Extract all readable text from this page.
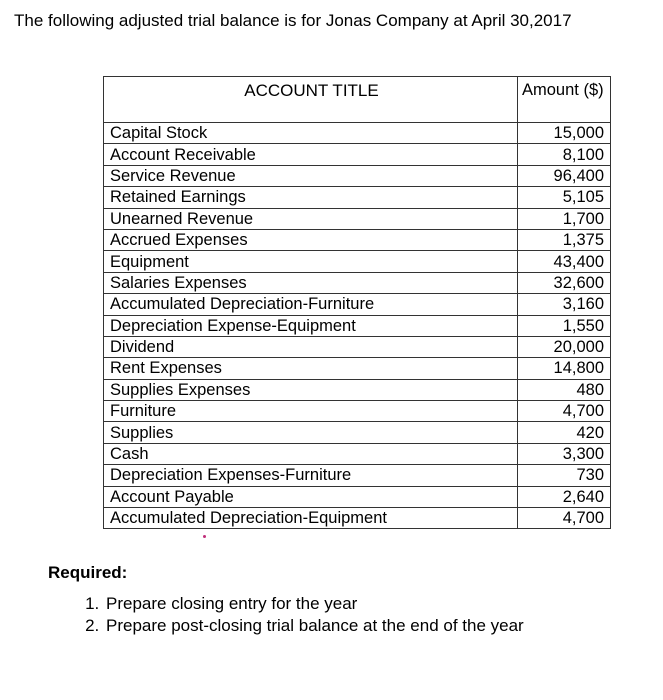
The following adjusted trial balance is for Jonas Company at April 30,2017
ACCOUNT TITLE	Amount ($)
Capital Stock	15,000
Account Receivable	8,100
Service Revenue	96,400
Retained Earnings	5,105
Unearned Revenue	1,700
Accrued Expenses	1,375
Equipment	43,400
Salaries Expenses	32,600
Accumulated Depreciation-Furniture	3,160
Depreciation Expense-Equipment	1,550
Dividend	20,000
Rent Expenses	14,800
Supplies Expenses	480
Furniture	4,700
Supplies	420
Cash	3,300
Depreciation Expenses-Furniture	730
Account Payable	2,640
Accumulated Depreciation-Equipment	4,700
Required:
1. Prepare closing entry for the year
2. Prepare post-closing trial balance at the end of the year
